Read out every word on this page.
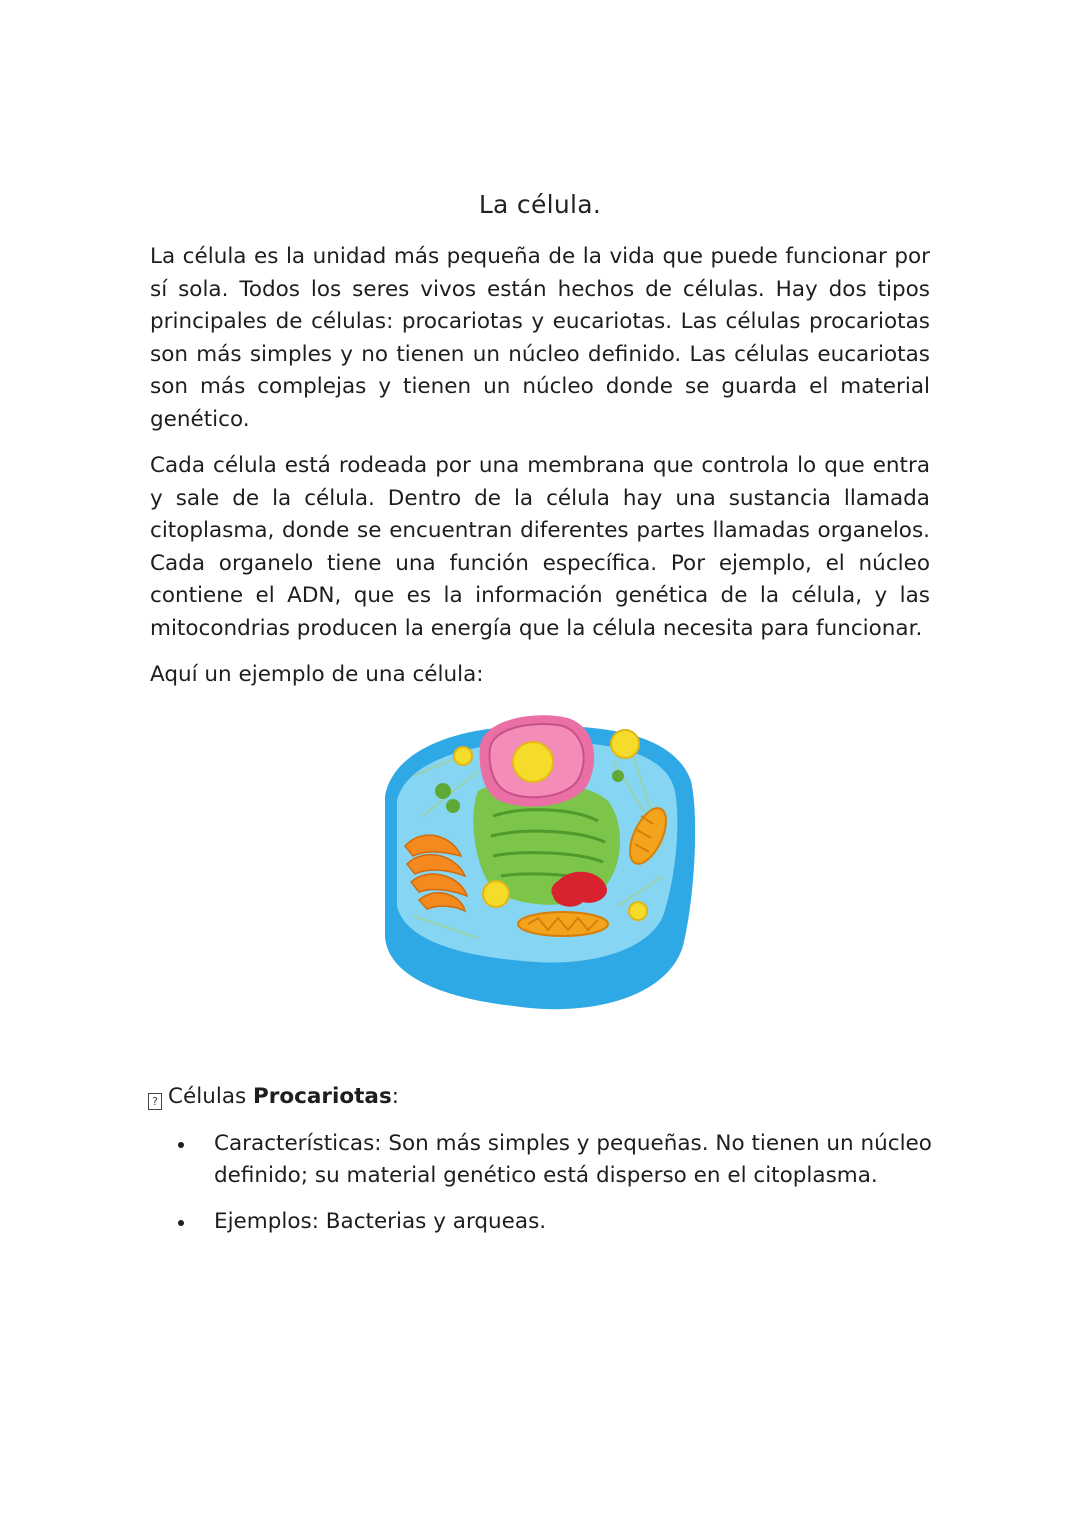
La célula.

La célula es la unidad más pequeña de la vida que puede funcionar por sí sola. Todos los seres vivos están hechos de células. Hay dos tipos principales de células: procariotas y eucariotas. Las células procariotas son más simples y no tienen un núcleo definido. Las células eucariotas son más complejas y tienen un núcleo donde se guarda el material genético.

Cada célula está rodeada por una membrana que controla lo que entra y sale de la célula. Dentro de la célula hay una sustancia llamada citoplasma, donde se encuentran diferentes partes llamadas organelos. Cada organelo tiene una función específica. Por ejemplo, el núcleo contiene el ADN, que es la información genética de la célula, y las mitocondrias producen la energía que la célula necesita para funcionar.

Aquí un ejemplo de una célula:

? Células Procariotas:
Características: Son más simples y pequeñas. No tienen un núcleo definido; su material genético está disperso en el citoplasma.
Ejemplos: Bacterias y arqueas.
